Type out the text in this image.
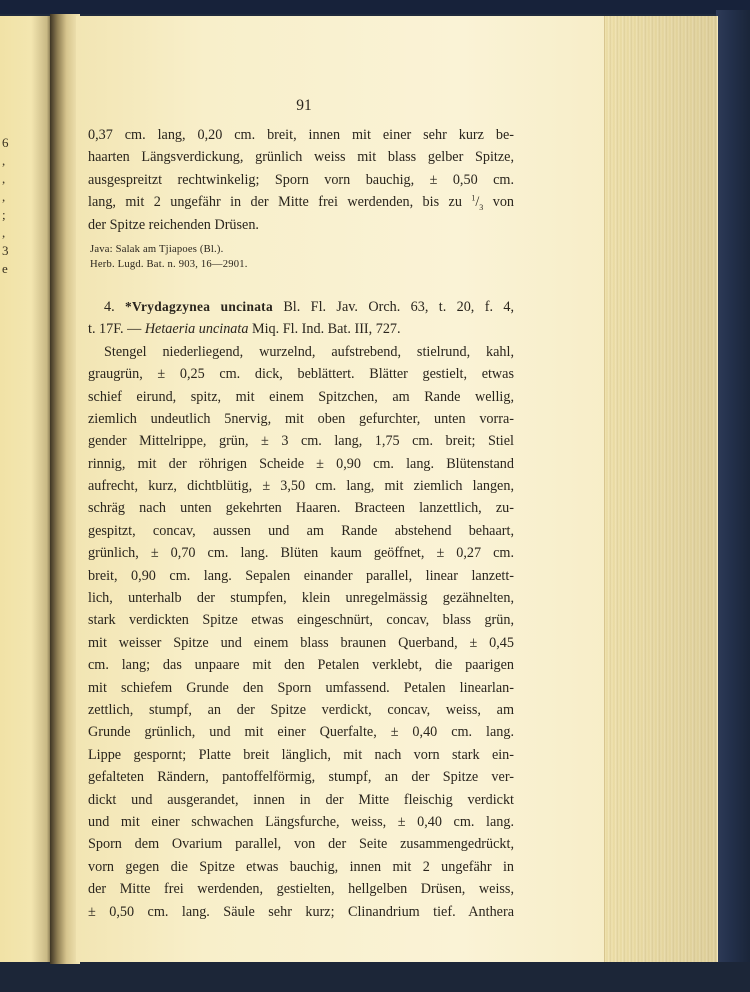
6
,
,
,
;
,
3
e
91
0,37 cm. lang, 0,20 cm. breit, innen mit einer sehr kurz be-
haarten Längsverdickung, grünlich weiss mit blass gelber Spitze,
ausgespreitzt rechtwinkelig; Sporn vorn bauchig, ± 0,50 cm.
lang, mit 2 ungefähr in der Mitte frei werdenden, bis zu $^1/_3$ von
der Spitze reichenden Drüsen.
Java: Salak am Tjiapoes (Bl.).
Herb. Lugd. Bat. n. 903, 16—2901.
4. *Vrydagzynea uncinata Bl. Fl. Jav. Orch. 63, t. 20, f. 4,
t. 17F. — Hetaeria uncinata Miq. Fl. Ind. Bat. III, 727.
Stengel niederliegend, wurzelnd, aufstrebend, stielrund, kahl,
graugrün, ± 0,25 cm. dick, beblättert. Blätter gestielt, etwas
schief eirund, spitz, mit einem Spitzchen, am Rande wellig,
ziemlich undeutlich 5nervig, mit oben gefurchter, unten vorra-
gender Mittelrippe, grün, ± 3 cm. lang, 1,75 cm. breit; Stiel
rinnig, mit der röhrigen Scheide ± 0,90 cm. lang. Blütenstand
aufrecht, kurz, dichtblütig, ± 3,50 cm. lang, mit ziemlich langen,
schräg nach unten gekehrten Haaren. Bracteen lanzettlich, zu-
gespitzt, concav, aussen und am Rande abstehend behaart,
grünlich, ± 0,70 cm. lang. Blüten kaum geöffnet, ± 0,27 cm.
breit, 0,90 cm. lang. Sepalen einander parallel, linear lanzett-
lich, unterhalb der stumpfen, klein unregelmässig gezähnelten,
stark verdickten Spitze etwas eingeschnürt, concav, blass grün,
mit weisser Spitze und einem blass braunen Querband, ± 0,45
cm. lang; das unpaare mit den Petalen verklebt, die paarigen
mit schiefem Grunde den Sporn umfassend. Petalen linearlan-
zettlich, stumpf, an der Spitze verdickt, concav, weiss, am
Grunde grünlich, und mit einer Querfalte, ± 0,40 cm. lang.
Lippe gespornt; Platte breit länglich, mit nach vorn stark ein-
gefalteten Rändern, pantoffelförmig, stumpf, an der Spitze ver-
dickt und ausgerandet, innen in der Mitte fleischig verdickt
und mit einer schwachen Längsfurche, weiss, ± 0,40 cm. lang.
Sporn dem Ovarium parallel, von der Seite zusammengedrückt,
vorn gegen die Spitze etwas bauchig, innen mit 2 ungefähr in
der Mitte frei werdenden, gestielten, hellgelben Drüsen, weiss,
± 0,50 cm. lang. Säule sehr kurz; Clinandrium tief. Anthera
